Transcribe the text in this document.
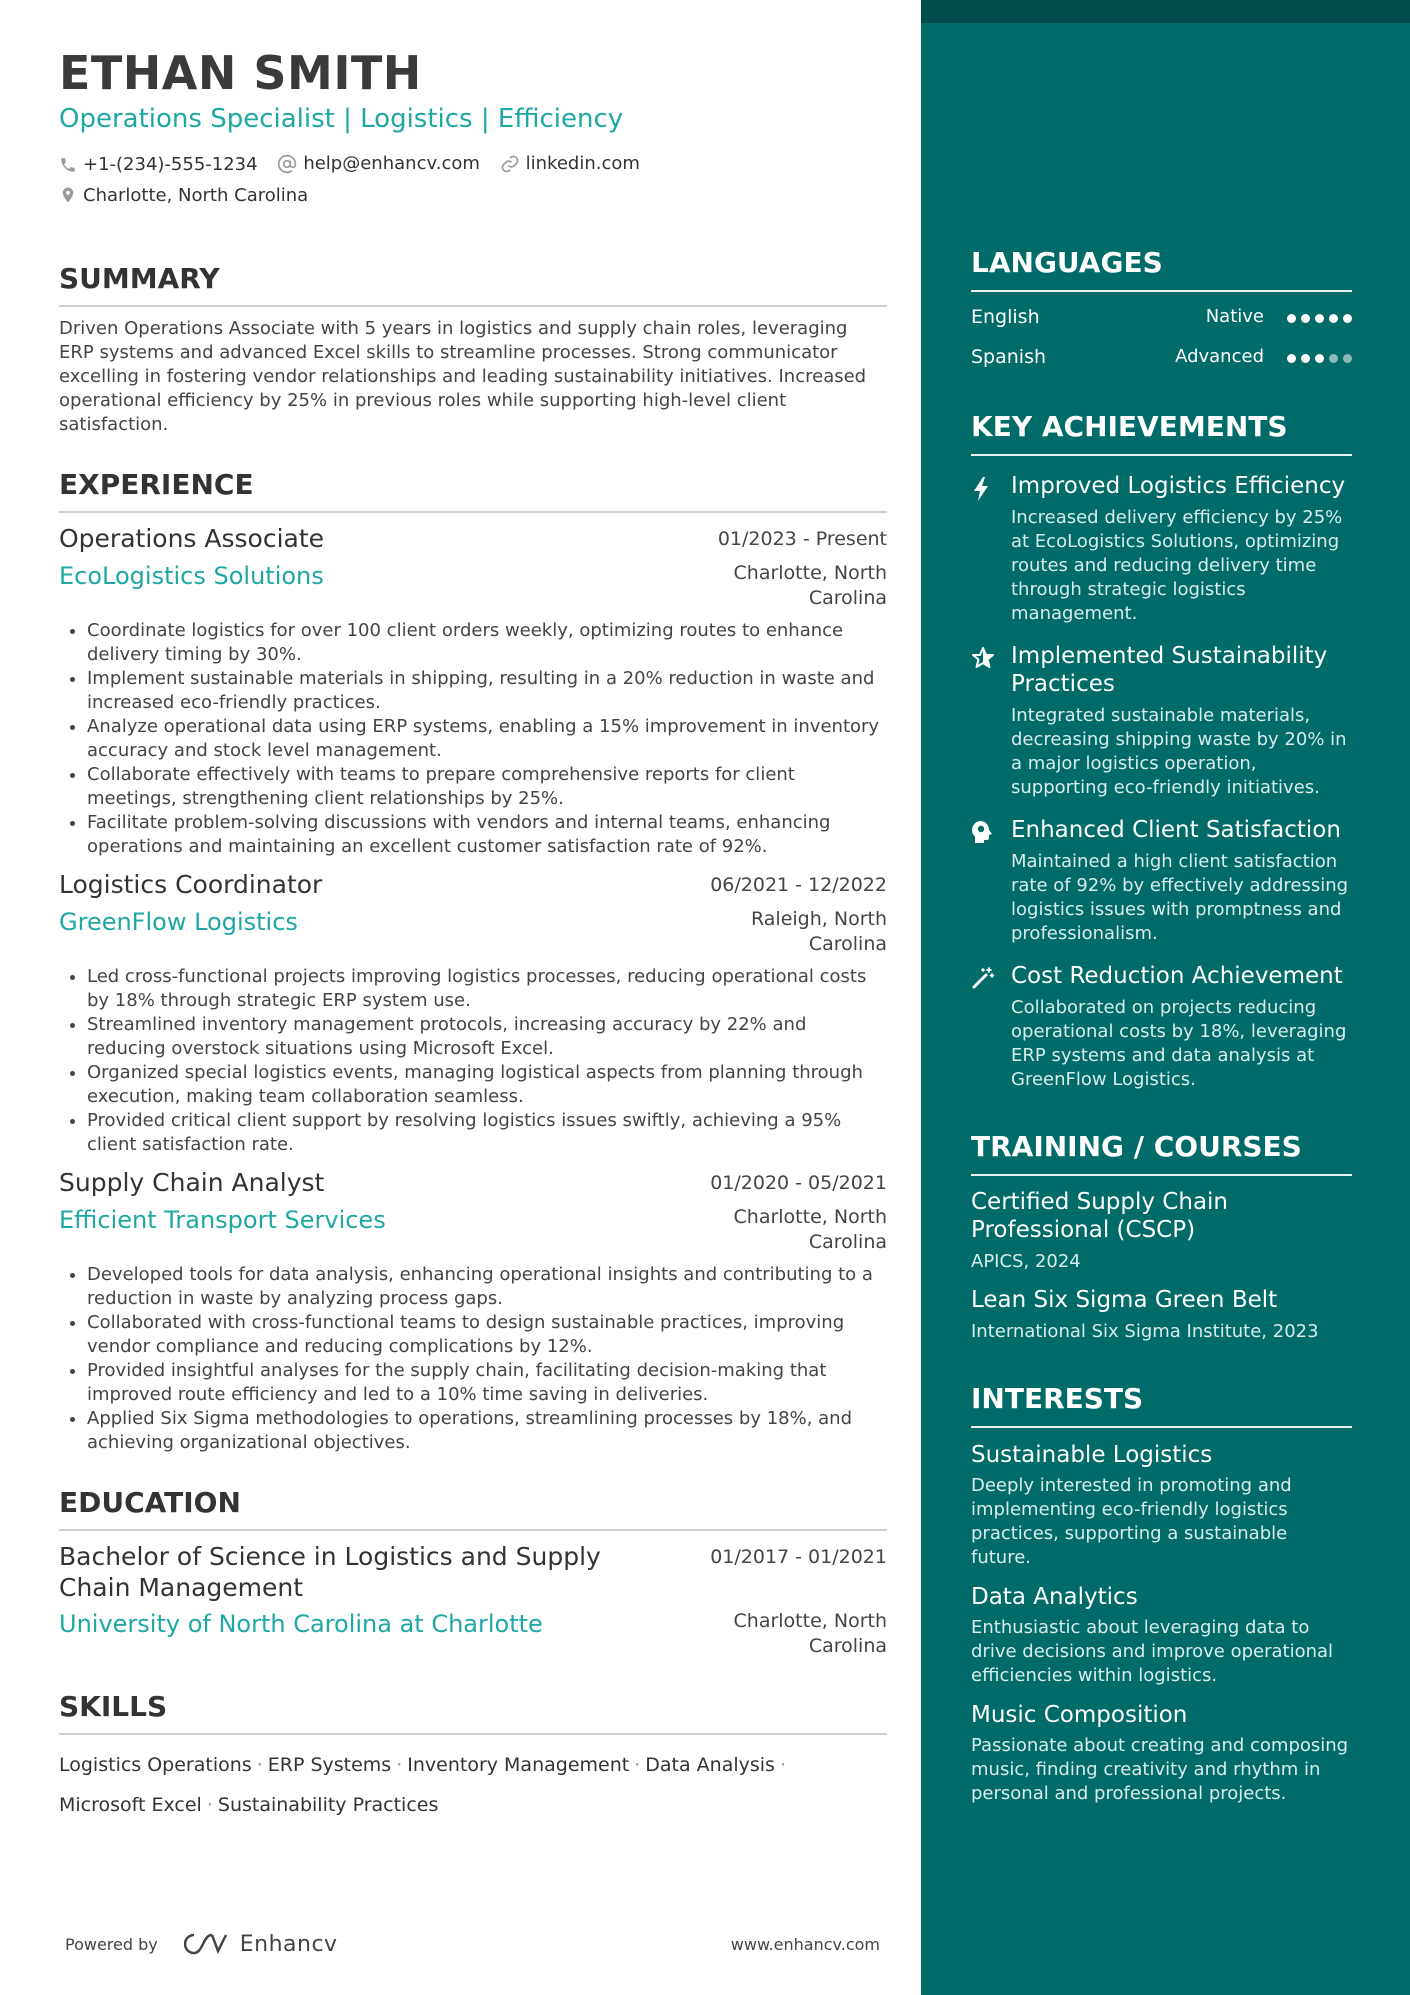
ETHAN SMITH
Operations Specialist | Logistics | Efficiency
+1-(234)-555-1234
	help@enhancv.com
	linkedin.com
Charlotte, North Carolina
SUMMARY
Driven Operations Associate with 5 years in logistics and supply chain roles, leveraging ERP systems and advanced Excel skills to streamline processes. Strong communicator excelling in fostering vendor relationships and leading sustainability initiatives. Increased operational efficiency by 25% in previous roles while supporting high-level client satisfaction.
EXPERIENCE
Operations Associate	01/2023 - Present
EcoLogistics Solutions	Charlotte, North Carolina
• Coordinate logistics for over 100 client orders weekly, optimizing routes to enhance delivery timing by 30%.
• Implement sustainable materials in shipping, resulting in a 20% reduction in waste and increased eco-friendly practices.
• Analyze operational data using ERP systems, enabling a 15% improvement in inventory accuracy and stock level management.
• Collaborate effectively with teams to prepare comprehensive reports for client meetings, strengthening client relationships by 25%.
• Facilitate problem-solving discussions with vendors and internal teams, enhancing operations and maintaining an excellent customer satisfaction rate of 92%.
Logistics Coordinator	06/2021 - 12/2022
GreenFlow Logistics	Raleigh, North Carolina
• Led cross-functional projects improving logistics processes, reducing operational costs by 18% through strategic ERP system use.
• Streamlined inventory management protocols, increasing accuracy by 22% and reducing overstock situations using Microsoft Excel.
• Organized special logistics events, managing logistical aspects from planning through execution, making team collaboration seamless.
• Provided critical client support by resolving logistics issues swiftly, achieving a 95% client satisfaction rate.
Supply Chain Analyst	01/2020 - 05/2021
Efficient Transport Services	Charlotte, North Carolina
• Developed tools for data analysis, enhancing operational insights and contributing to a reduction in waste by analyzing process gaps.
• Collaborated with cross-functional teams to design sustainable practices, improving vendor compliance and reducing complications by 12%.
• Provided insightful analyses for the supply chain, facilitating decision-making that improved route efficiency and led to a 10% time saving in deliveries.
• Applied Six Sigma methodologies to operations, streamlining processes by 18%, and achieving organizational objectives.
EDUCATION
Bachelor of Science in Logistics and Supply Chain Management
01/2017 - 01/2021
University of North Carolina at Charlotte	Charlotte, North Carolina
SKILLS
Logistics Operations · ERP Systems · Inventory Management · Data Analysis ·
Microsoft Excel · Sustainability Practices
Powered by	Enhancv	www.enhancv.com
LANGUAGES
English	Native
Spanish	Advanced
KEY ACHIEVEMENTS
Improved Logistics Efficiency
Increased delivery efficiency by 25% at EcoLogistics Solutions, optimizing routes and reducing delivery time through strategic logistics management.
Implemented Sustainability Practices
Integrated sustainable materials, decreasing shipping waste by 20% in a major logistics operation, supporting eco-friendly initiatives.
Enhanced Client Satisfaction
Maintained a high client satisfaction rate of 92% by effectively addressing logistics issues with promptness and professionalism.
Cost Reduction Achievement
Collaborated on projects reducing operational costs by 18%, leveraging ERP systems and data analysis at GreenFlow Logistics.
TRAINING / COURSES
Certified Supply Chain Professional (CSCP)
APICS, 2024
Lean Six Sigma Green Belt
International Six Sigma Institute, 2023
INTERESTS
Sustainable Logistics
Deeply interested in promoting and implementing eco-friendly logistics practices, supporting a sustainable future.
Data Analytics
Enthusiastic about leveraging data to drive decisions and improve operational efficiencies within logistics.
Music Composition
Passionate about creating and composing music, finding creativity and rhythm in personal and professional projects.
